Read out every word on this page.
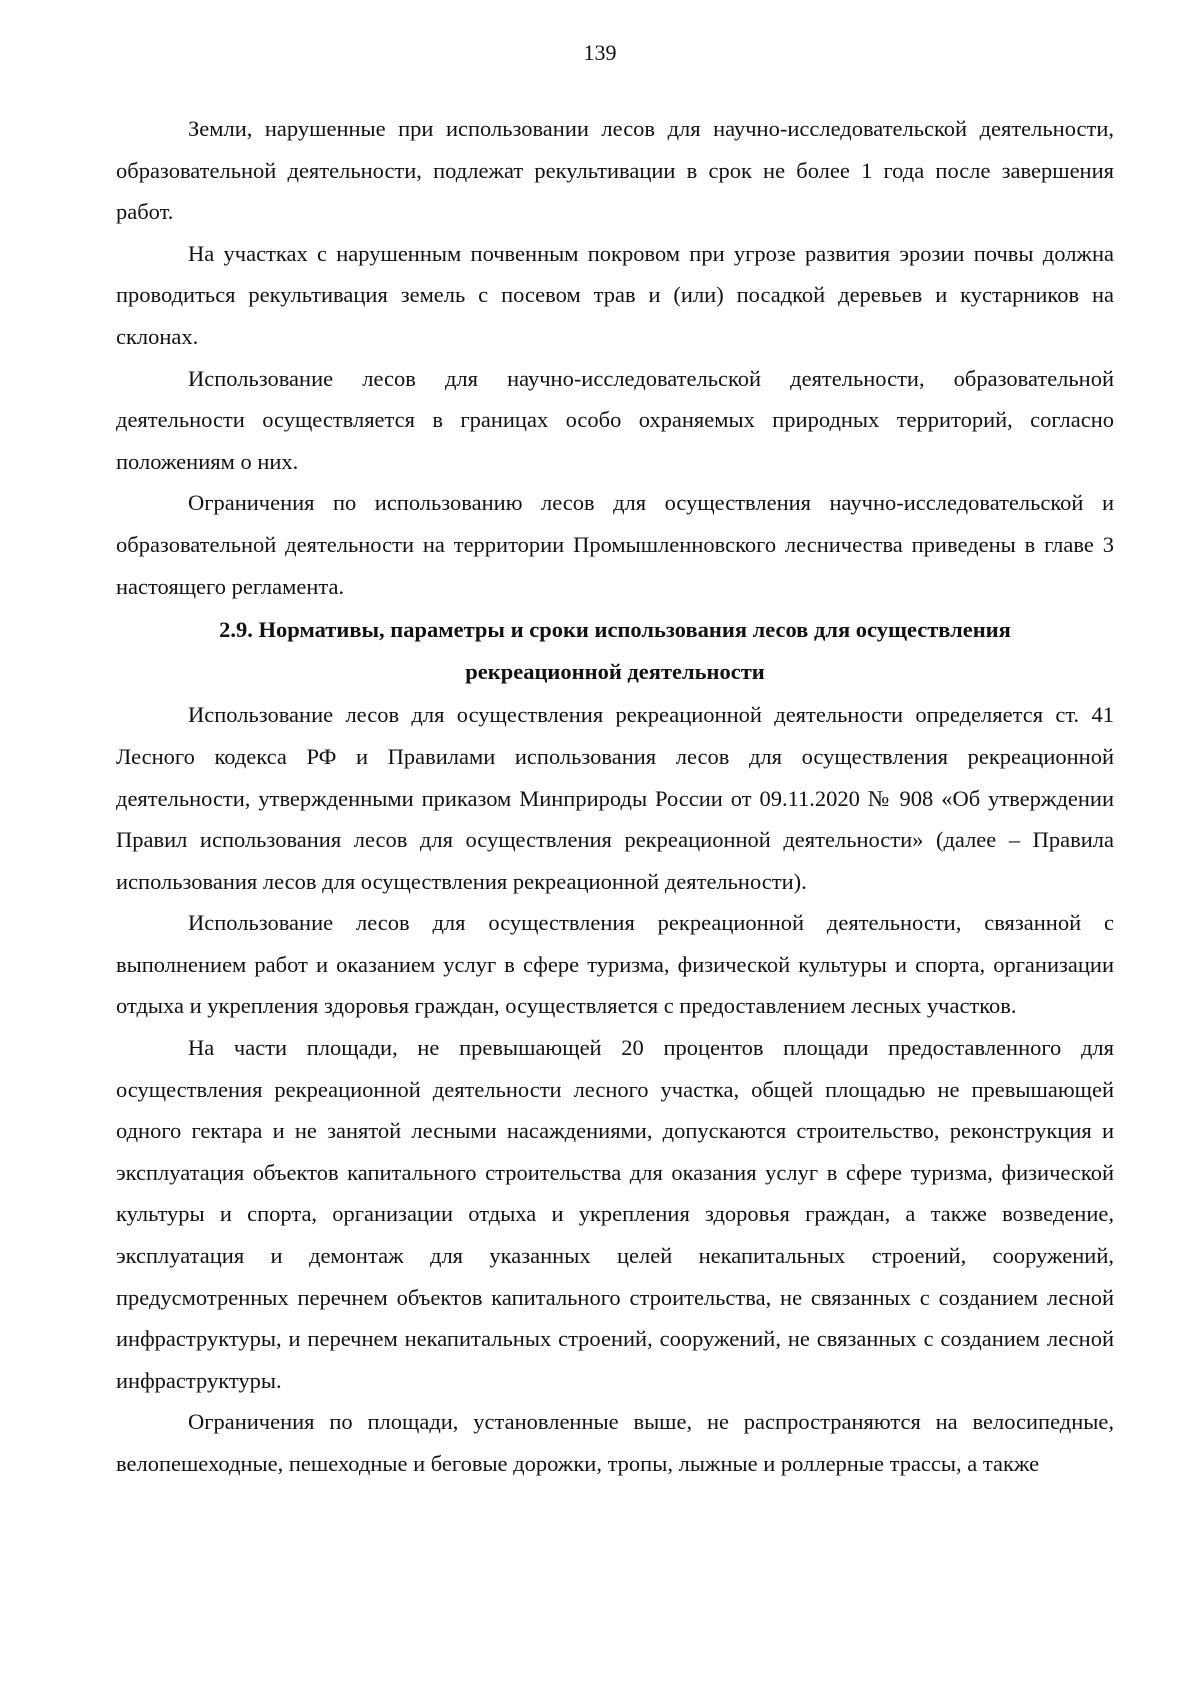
139

Земли, нарушенные при использовании лесов для научно-исследовательской деятельности, образовательной деятельности, подлежат рекультивации в срок не более 1 года после завершения работ.

На участках с нарушенным почвенным покровом при угрозе развития эрозии почвы должна проводиться рекультивация земель с посевом трав и (или) посадкой деревьев и кустарников на склонах.

Использование лесов для научно-исследовательской деятельности, образовательной деятельности осуществляется в границах особо охраняемых природных территорий, согласно положениям о них.

Ограничения по использованию лесов для осуществления научно-исследовательской и образовательной деятельности на территории Промышленновского лесничества приведены в главе 3 настоящего регламента.

2.9. Нормативы, параметры и сроки использования лесов для осуществления

рекреационной деятельности

Использование лесов для осуществления рекреационной деятельности определяется ст. 41 Лесного кодекса РФ и Правилами использования лесов для осуществления рекреационной деятельности, утвержденными приказом Минприроды России от 09.11.2020 № 908 «Об утверждении Правил использования лесов для осуществления рекреационной деятельности» (далее – Правила использования лесов для осуществления рекреационной деятельности).

Использование лесов для осуществления рекреационной деятельности, связанной с выполнением работ и оказанием услуг в сфере туризма, физической культуры и спорта, организации отдыха и укрепления здоровья граждан, осуществляется с предоставлением лесных участков.

На части площади, не превышающей 20 процентов площади предоставленного для осуществления рекреационной деятельности лесного участка, общей площадью не превышающей одного гектара и не занятой лесными насаждениями, допускаются строительство, реконструкция и эксплуатация объектов капитального строительства для оказания услуг в сфере туризма, физической культуры и спорта, организации отдыха и укрепления здоровья граждан, а также возведение, эксплуатация и демонтаж для указанных целей некапитальных строений, сооружений, предусмотренных перечнем объектов капитального строительства, не связанных с созданием лесной инфраструктуры, и перечнем некапитальных строений, сооружений, не связанных с созданием лесной инфраструктуры.

Ограничения по площади, установленные выше, не распространяются на велосипедные, велопешеходные, пешеходные и беговые дорожки, тропы, лыжные и роллерные трассы, а также
